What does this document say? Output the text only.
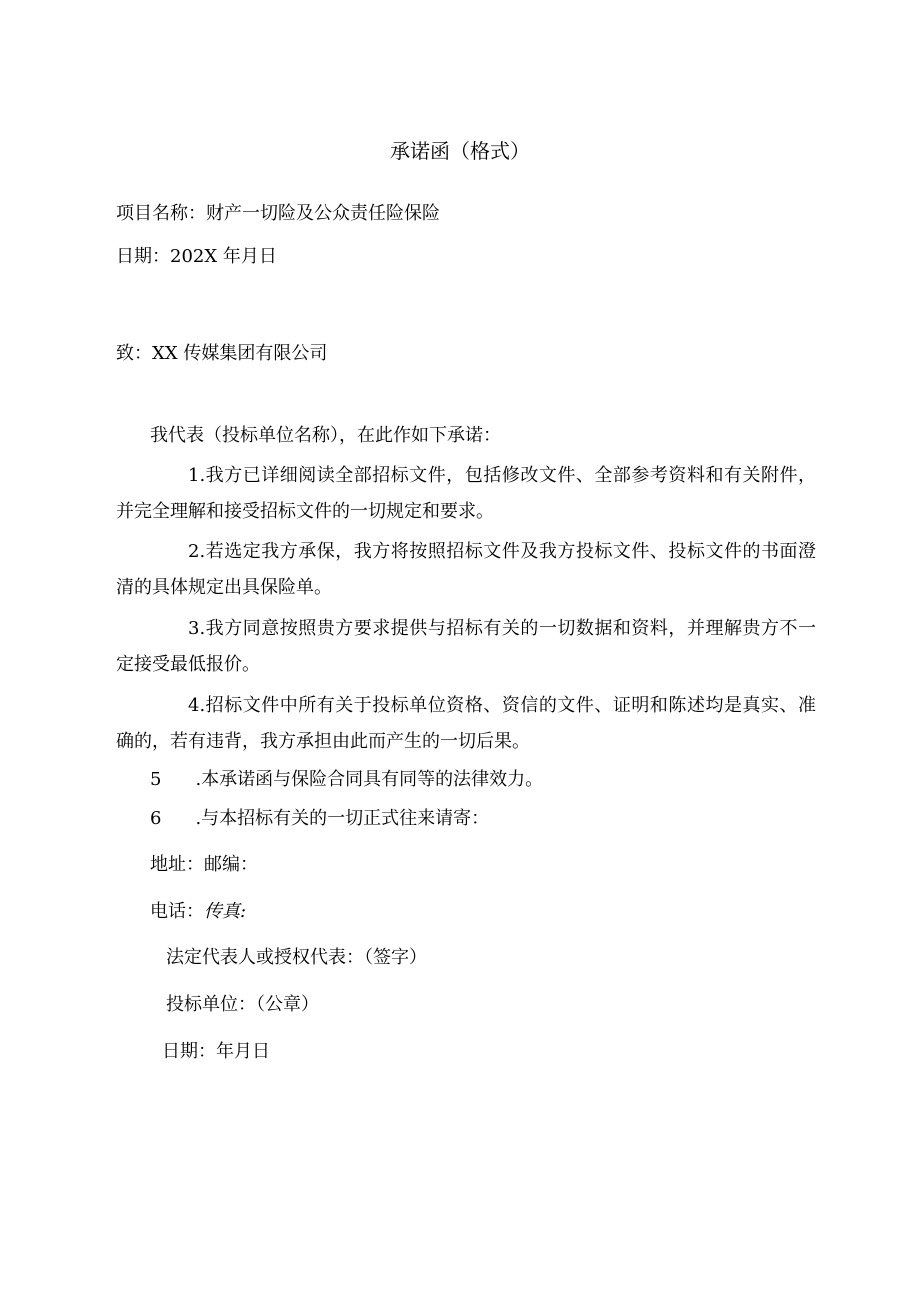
承诺函（格式）
项目名称：财产一切险及公众责任险保险
日期：202X 年月日
致：XX 传媒集团有限公司
我代表（投标单位名称），在此作如下承诺：
1.我方已详细阅读全部招标文件，包括修改文件、全部参考资料和有关附件，并完全理解和接受招标文件的一切规定和要求。
2.若选定我方承保，我方将按照招标文件及我方投标文件、投标文件的书面澄清的具体规定出具保险单。
3.我方同意按照贵方要求提供与招标有关的一切数据和资料，并理解贵方不一定接受最低报价。
4.招标文件中所有关于投标单位资格、资信的文件、证明和陈述均是真实、准确的，若有违背，我方承担由此而产生的一切后果。
5 .本承诺函与保险合同具有同等的法律效力。
6 .与本招标有关的一切正式往来请寄：
地址：邮编：
电话：传真:
法定代表人或授权代表：（签字）
投标单位：（公章）
日期：年月日
